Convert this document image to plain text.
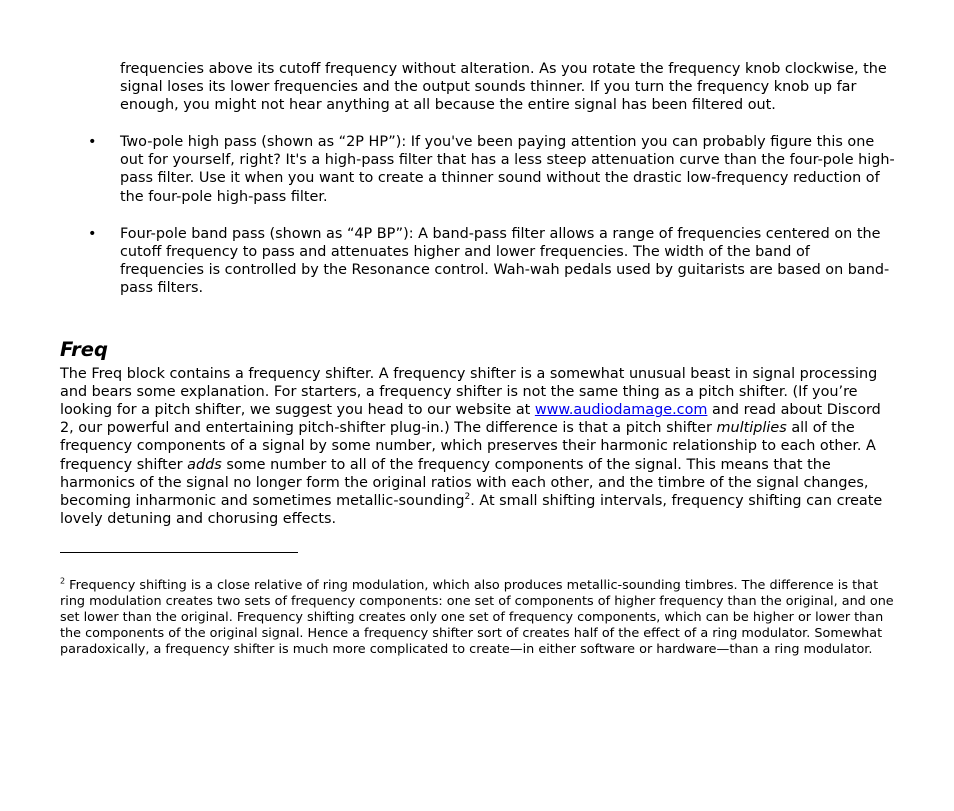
frequencies above its cutoff frequency without alteration. As you rotate the frequency knob clockwise, the signal loses its lower frequencies and the output sounds thinner. If you turn the frequency knob up far enough, you might not hear anything at all because the entire signal has been filtered out.

• Two-pole high pass (shown as “2P HP”): If you've been paying attention you can probably figure this one out for yourself, right? It's a high-pass filter that has a less steep attenuation curve than the four-pole high-pass filter. Use it when you want to create a thinner sound without the drastic low-frequency reduction of the four-pole high-pass filter.
• Four-pole band pass (shown as “4P BP”): A band-pass filter allows a range of frequencies centered on the cutoff frequency to pass and attenuates higher and lower frequencies. The width of the band of frequencies is controlled by the Resonance control. Wah-wah pedals used by guitarists are based on band-pass filters.
Freq

The Freq block contains a frequency shifter. A frequency shifter is a somewhat unusual beast in signal processing and bears some explanation. For starters, a frequency shifter is not the same thing as a pitch shifter. (If you’re looking for a pitch shifter, we suggest you head to our website at www.audiodamage.com and read about Discord 2, our powerful and entertaining pitch-shifter plug-in.) The difference is that a pitch shifter multiplies all of the frequency components of a signal by some number, which preserves their harmonic relationship to each other. A frequency shifter adds some number to all of the frequency components of the signal. This means that the harmonics of the signal no longer form the original ratios with each other, and the timbre of the signal changes, becoming inharmonic and sometimes metallic-sounding$^2$. At small shifting intervals, frequency shifting can create lovely detuning and chorusing effects.

$^2$ Frequency shifting is a close relative of ring modulation, which also produces metallic-sounding timbres. The difference is that ring modulation creates two sets of frequency components: one set of components of higher frequency than the original, and one set lower than the original. Frequency shifting creates only one set of frequency components, which can be higher or lower than the components of the original signal. Hence a frequency shifter sort of creates half of the effect of a ring modulator. Somewhat paradoxically, a frequency shifter is much more complicated to create—in either software or hardware—than a ring modulator.
